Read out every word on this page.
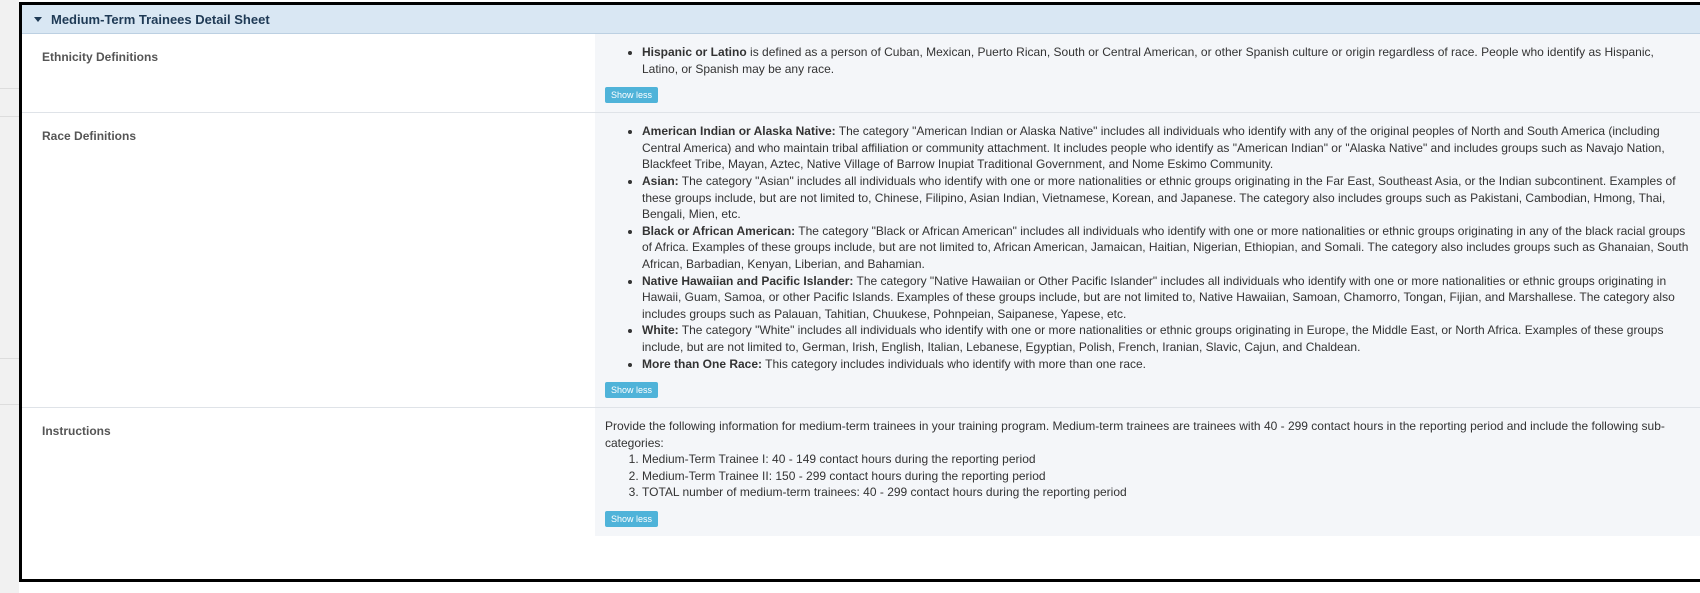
Medium-Term Trainees Detail Sheet
Ethnicity Definitions	• Hispanic or Latino is defined as a person of Cuban, Mexican, Puerto Rican, South or Central American, or other Spanish culture or origin regardless of race. People who identify as Hispanic, Latino, or Spanish may be any race.
Show less
Race Definitions	• American Indian or Alaska Native: The category "American Indian or Alaska Native" includes all individuals who identify with any of the original peoples of North and South America (including Central America) and who maintain tribal affiliation or community attachment. It includes people who identify as "American Indian" or "Alaska Native" and includes groups such as Navajo Nation, Blackfeet Tribe, Mayan, Aztec, Native Village of Barrow Inupiat Traditional Government, and Nome Eskimo Community.
• Asian: The category "Asian" includes all individuals who identify with one or more nationalities or ethnic groups originating in the Far East, Southeast Asia, or the Indian subcontinent. Examples of these groups include, but are not limited to, Chinese, Filipino, Asian Indian, Vietnamese, Korean, and Japanese. The category also includes groups such as Pakistani, Cambodian, Hmong, Thai, Bengali, Mien, etc.
• Black or African American: The category "Black or African American" includes all individuals who identify with one or more nationalities or ethnic groups originating in any of the black racial groups of Africa. Examples of these groups include, but are not limited to, African American, Jamaican, Haitian, Nigerian, Ethiopian, and Somali. The category also includes groups such as Ghanaian, South African, Barbadian, Kenyan, Liberian, and Bahamian.
• Native Hawaiian and Pacific Islander: The category "Native Hawaiian or Other Pacific Islander" includes all individuals who identify with one or more nationalities or ethnic groups originating in Hawaii, Guam, Samoa, or other Pacific Islands. Examples of these groups include, but are not limited to, Native Hawaiian, Samoan, Chamorro, Tongan, Fijian, and Marshallese. The category also includes groups such as Palauan, Tahitian, Chuukese, Pohnpeian, Saipanese, Yapese, etc.
• White: The category "White" includes all individuals who identify with one or more nationalities or ethnic groups originating in Europe, the Middle East, or North Africa. Examples of these groups include, but are not limited to, German, Irish, English, Italian, Lebanese, Egyptian, Polish, French, Iranian, Slavic, Cajun, and Chaldean.
• More than One Race: This category includes individuals who identify with more than one race.
Show less
Instructions	Provide the following information for medium-term trainees in your training program. Medium-term trainees are trainees with 40 - 299 contact hours in the reporting period and include the following sub-categories:
1. Medium-Term Trainee I: 40 - 149 contact hours during the reporting period
2. Medium-Term Trainee II: 150 - 299 contact hours during the reporting period
3. TOTAL number of medium-term trainees: 40 - 299 contact hours during the reporting period
Show less
